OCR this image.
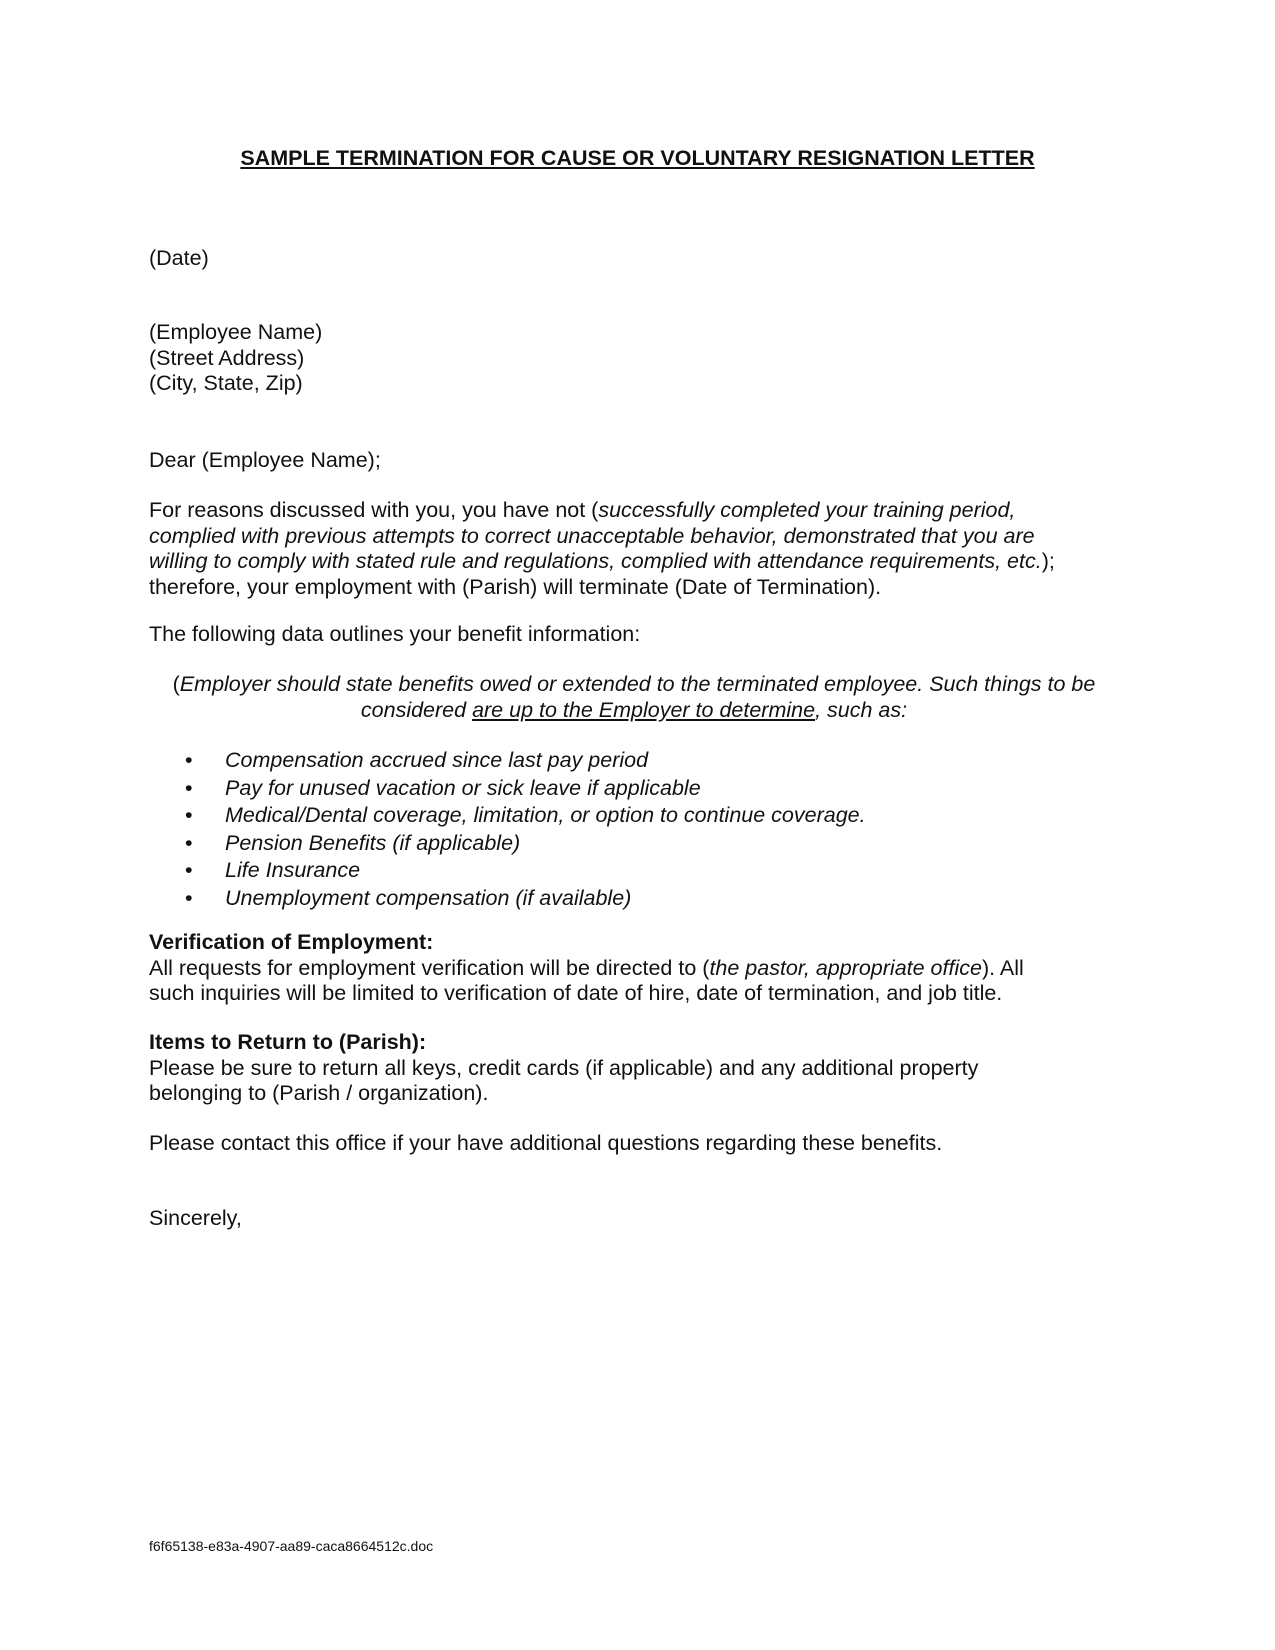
SAMPLE TERMINATION FOR CAUSE OR VOLUNTARY RESIGNATION LETTER
(Date)
(Employee Name)
(Street Address)
(City, State, Zip)
Dear (Employee Name);
For reasons discussed with you, you have not (successfully completed your training period,
complied with previous attempts to correct unacceptable behavior, demonstrated that you are
willing to comply with stated rule and regulations, complied with attendance requirements, etc.);
therefore, your employment with (Parish) will terminate (Date of Termination).
The following data outlines your benefit information:
(Employer should state benefits owed or extended to the terminated employee. Such things to be considered are up to the Employer to determine, such as:
• Compensation accrued since last pay period
• Pay for unused vacation or sick leave if applicable
• Medical/Dental coverage, limitation, or option to continue coverage.
• Pension Benefits (if applicable)
• Life Insurance
• Unemployment compensation (if available)
Verification of Employment:
All requests for employment verification will be directed to (the pastor, appropriate office). All
such inquiries will be limited to verification of date of hire, date of termination, and job title.
Items to Return to (Parish):
Please be sure to return all keys, credit cards (if applicable) and any additional property
belonging to (Parish / organization).
Please contact this office if your have additional questions regarding these benefits.
Sincerely,
f6f65138-e83a-4907-aa89-caca8664512c.doc
